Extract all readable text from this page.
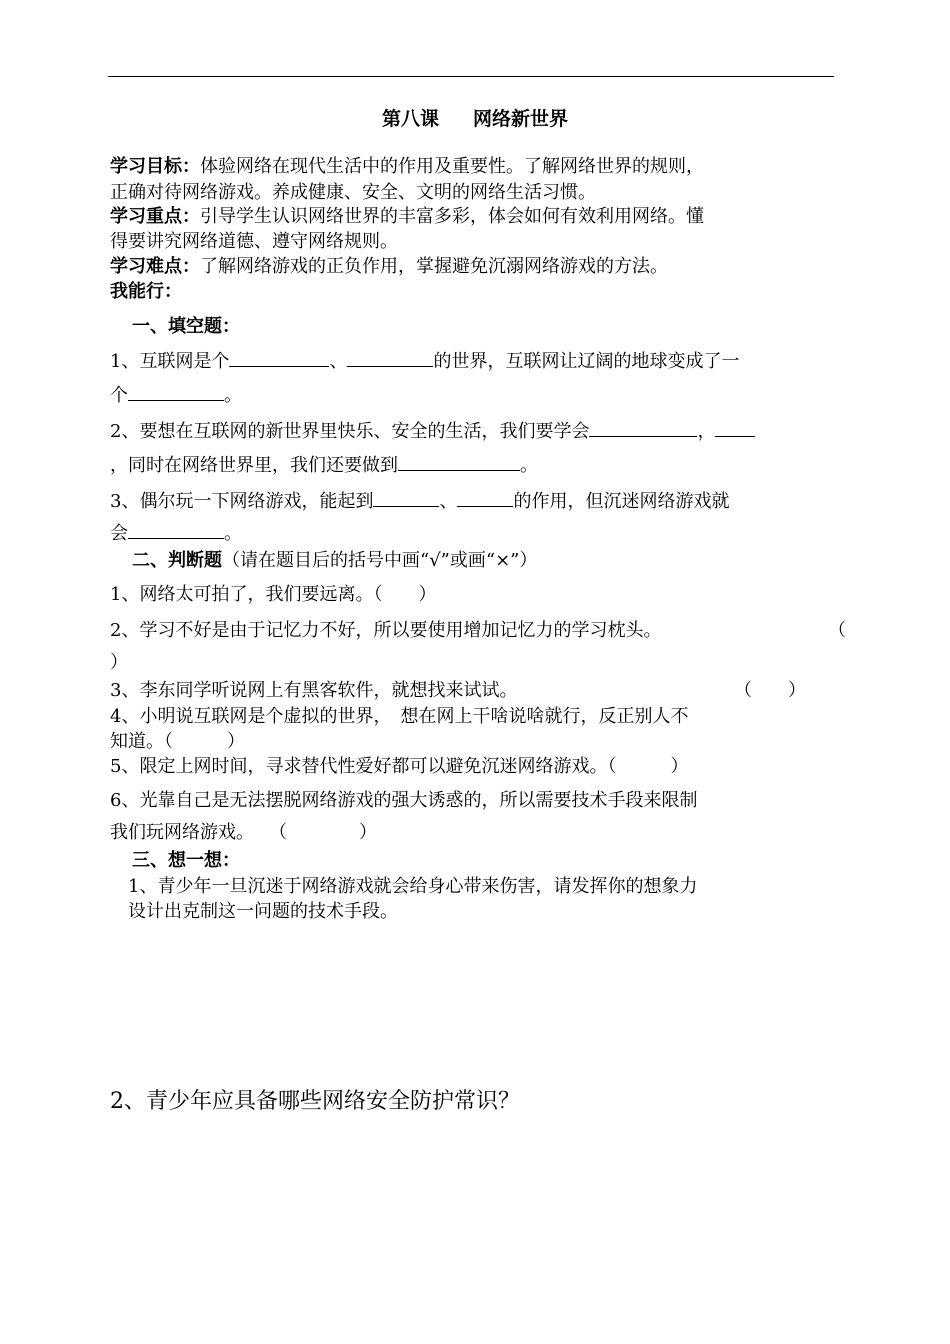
第八课 网络新世界
学习目标：体验网络在现代生活中的作用及重要性。了解网络世界的规则，
正确对待网络游戏。养成健康、安全、文明的网络生活习惯。
学习重点：引导学生认识网络世界的丰富多彩，体会如何有效利用网络。懂
得要讲究网络道德、遵守网络规则。
学习难点：了解网络游戏的正负作用，掌握避免沉溺网络游戏的方法。
我能行：
一、填空题：
1、互联网是个	、	的世界，互联网让辽阔的地球变成了一
个	。
2、要想在互联网的新世界里快乐、安全的生活，我们要学会	，
，同时在网络世界里，我们还要做到	。
3、偶尔玩一下网络游戏，能起到	、	的作用，但沉迷网络游戏就
会	。
二、判断题（请在题目后的括号中画“√”或画“×”）
1、网络太可拍了，我们要远离。（　　）
2、学习不好是由于记忆力不好，所以要使用增加记忆力的学习枕头。	（
）
3、李东同学听说网上有黑客软件，就想找来试试。	（　　）
4、小明说互联网是个虚拟的世界，　想在网上干啥说啥就行，反正别人不
知道。（　　　）
5、限定上网时间，寻求替代性爱好都可以避免沉迷网络游戏。（　　　）
6、光靠自己是无法摆脱网络游戏的强大诱惑的，所以需要技术手段来限制
我们玩网络游戏。 （　　　　）
三、想一想：
1、青少年一旦沉迷于网络游戏就会给身心带来伤害，请发挥你的想象力
设计出克制这一问题的技术手段。
2、青少年应具备哪些网络安全防护常识？
